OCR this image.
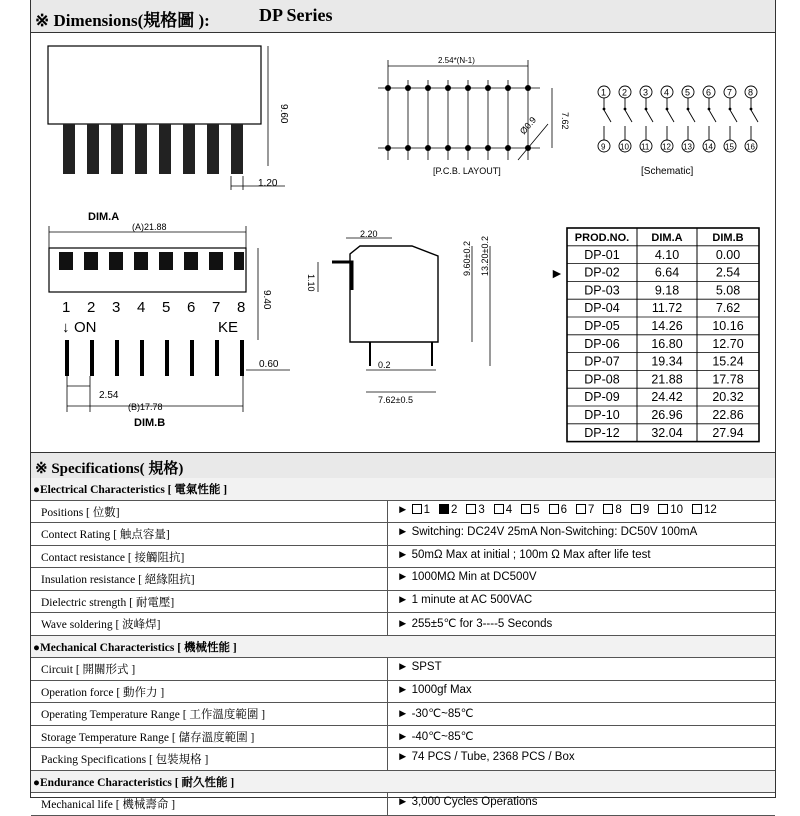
※ Dimensions(規格圖 ):	DP Series
9.60
1.20
2.54*(N-1)
Ø0.9 7.62
[P.C.B. LAYOUT]
1
9
2
10
3
11
4
12
5
13
6
14
7
15
8
16
[Schematic]
DIM.A
(A)21.88
9.40
1 2 3 4 5 6 7 8
↓ ON	KE
0.60
2.54
(B)17.78
DIM.B
2.20
1.10
9.60±0.2 13.20±0.2
0.2
7.62±0.5
►
PROD.NO. DIM.A	DIM.B
DP-01	4.10	0.00
DP-02	6.64	2.54
DP-03	9.18	5.08
DP-04	11.72	7.62
DP-05	14.26 10.16
DP-06	16.80 12.70
DP-07	19.34 15.24
DP-08	21.88 17.78
DP-09	24.42 20.32
DP-10	26.96 22.86
DP-12	32.04 27.94
※ Specifications( 規格)
●Electrical Characteristics [ 電氣性能 ]
Positions [ 位數]	► 1 2 3 4 5 6 7 8 9 10 12
Contect Rating [ 触点容量]	► Switching: DC24V 25mA Non-Switching: DC50V 100mA
Contact resistance [ 接觸阻抗]	► 50mΩ Max at initial ; 100m Ω Max after life test
Insulation resistance [ 絕緣阻抗]	► 1000MΩ Min at DC500V
Dielectric strength [ 耐電壓]	► 1 minute at AC 500VAC
Wave soldering [ 波峰焊]	► 255±5℃ for 3----5 Seconds
●Mechanical Characteristics [ 機械性能 ]
Circuit [ 開關形式 ]	► SPST
Operation force [ 動作力 ]	► 1000gf Max
Operating Temperature Range [ 工作溫度範圍 ]	► -30℃~85℃
Storage Temperature Range [ 儲存溫度範圍 ]	► -40℃~85℃
Packing Specifications [ 包裝規格 ]	► 74 PCS / Tube, 2368 PCS / Box
●Endurance Characteristics [ 耐久性能 ]
Mechanical life [ 機械壽命 ]	► 3,000 Cycles Operations
